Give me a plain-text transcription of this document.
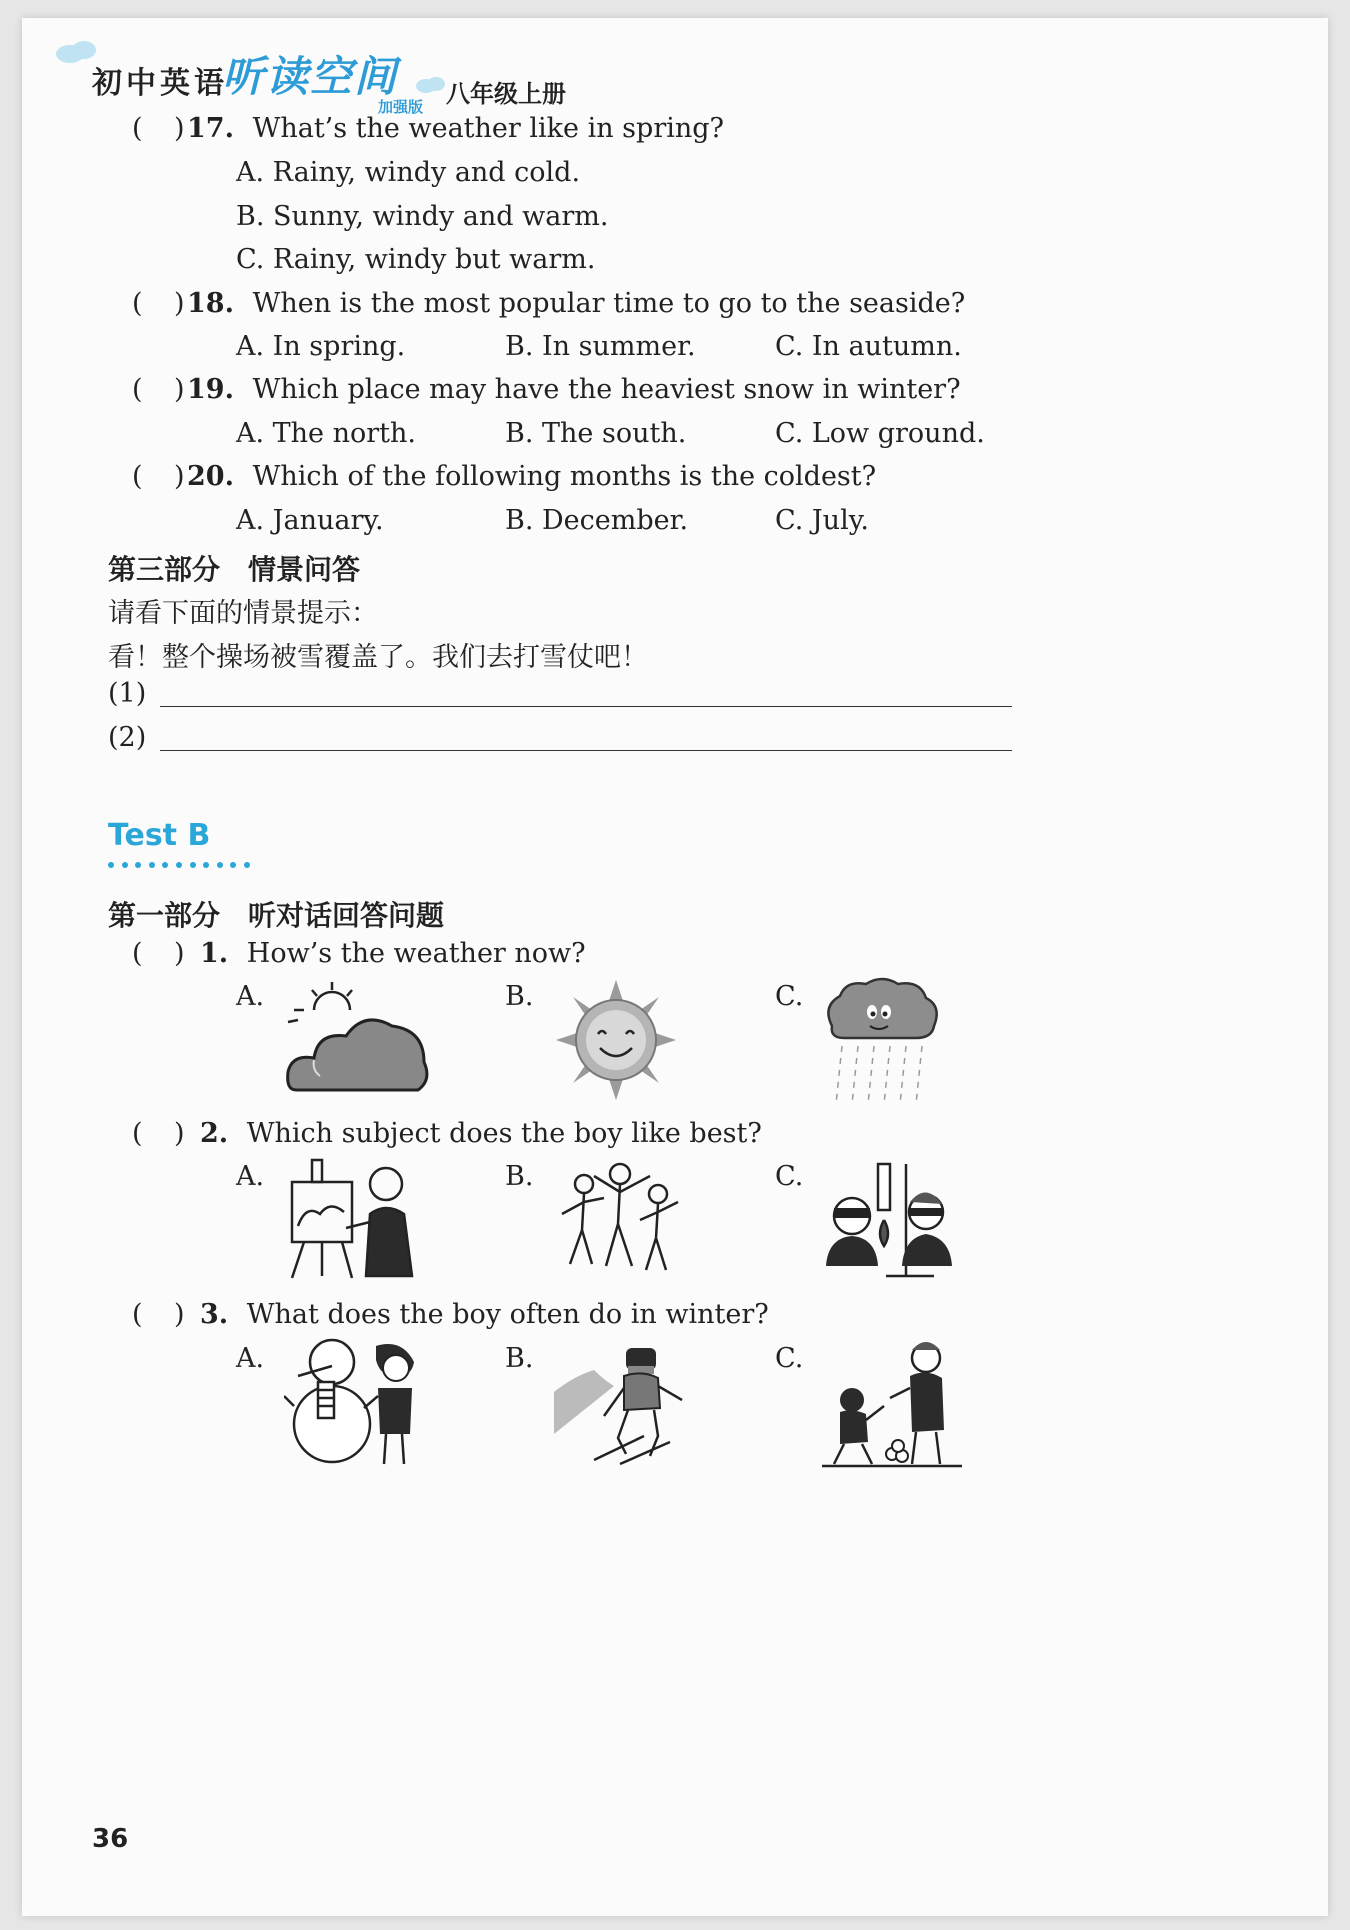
初中英语
听读空间
加强版 八年级上册
( ) 17. What’s the weather like in spring?
A. Rainy, windy and cold.
B. Sunny, windy and warm.
C. Rainy, windy but warm.
( ) 18. When is the most popular time to go to the seaside?
A. In spring.	B. In summer.	C. In autumn.
( ) 19. Which place may have the heaviest snow in winter?
A. The north.	B. The south.	C. Low ground.
( ) 20. Which of the following months is the coldest?
A. January.	B. December.	C. July.
第三部分　情景问答
请看下面的情景提示：
看！整个操场被雪覆盖了。我们去打雪仗吧！
(1)
(2)
Test B
第一部分　听对话回答问题
( ) 1. How’s the weather now?
A.	B.	C.
( ) 2. Which subject does the boy like best?
A.	B.	C.
( ) 3. What does the boy often do in winter?
A.	B.	C.
36
